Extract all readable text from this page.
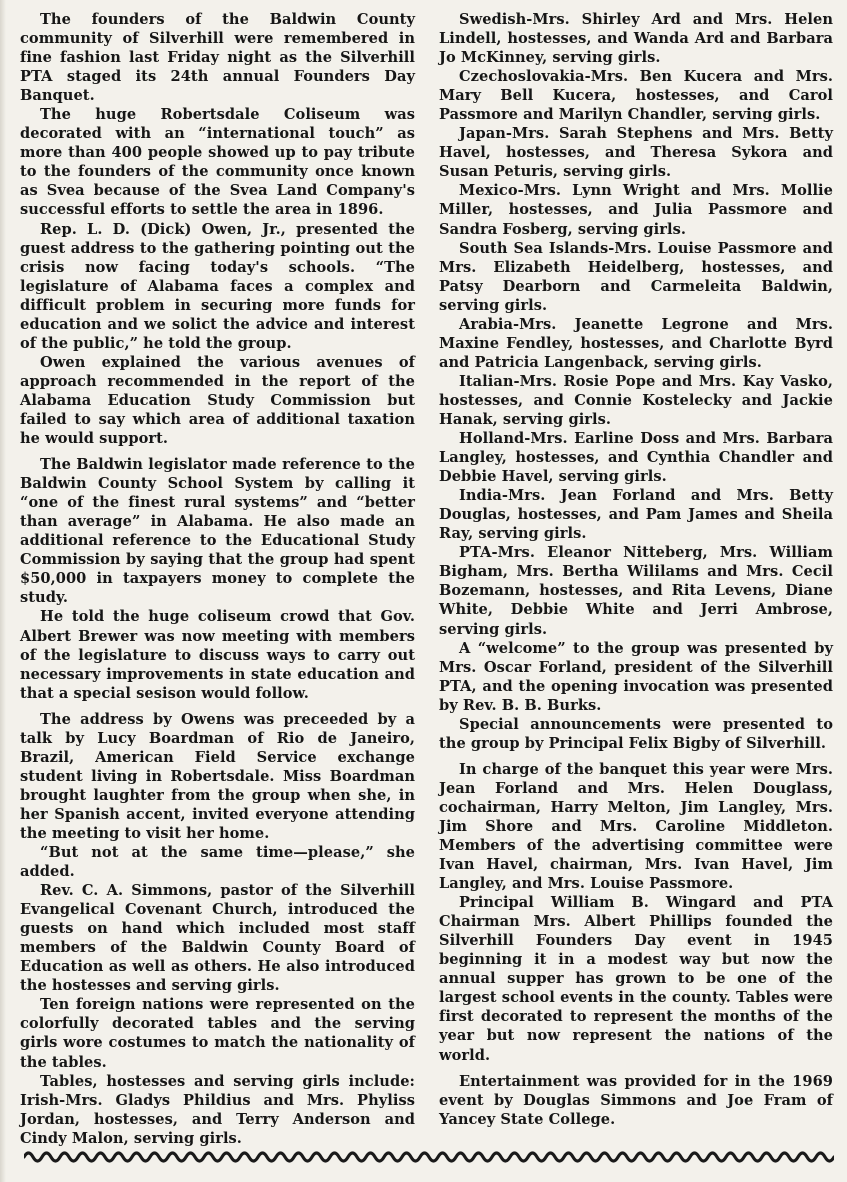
The founders of the Baldwin County community of Silverhill were remembered in fine fashion last Friday night as the Silverhill PTA staged its 24th annual Founders Day Banquet.

The huge Robertsdale Coliseum was decorated with an “international touch” as more than 400 people showed up to pay tribute to the founders of the community once known as Svea because of the Svea Land Company's successful efforts to settle the area in 1896.

Rep. L. D. (Dick) Owen, Jr., presented the guest address to the gathering pointing out the crisis now facing today's schools. “The legislature of Alabama faces a complex and difficult problem in securing more funds for education and we solict the advice and interest of the public,” he told the group.

Owen explained the various avenues of approach recommended in the report of the Alabama Education Study Commission but failed to say which area of additional taxation he would support.

The Baldwin legislator made reference to the Baldwin County School System by calling it “one of the finest rural systems” and “better than average” in Alabama. He also made an additional reference to the Educational Study Commission by saying that the group had spent $50,000 in taxpayers money to complete the study.

He told the huge coliseum crowd that Gov. Albert Brewer was now meeting with members of the legislature to discuss ways to carry out necessary improvements in state education and that a special sesison would follow.

The address by Owens was preceeded by a talk by Lucy Boardman of Rio de Janeiro, Brazil, American Field Service exchange student living in Robertsdale. Miss Boardman brought laughter from the group when she, in her Spanish accent, invited everyone attending the meeting to visit her home.

“But not at the same time—please,” she added.

Rev. C. A. Simmons, pastor of the Silverhill Evangelical Covenant Church, introduced the guests on hand which included most staff members of the Baldwin County Board of Education as well as others. He also introduced the hostesses and serving girls.

Ten foreign nations were represented on the colorfully decorated tables and the serving girls wore costumes to match the nationality of the tables.

Tables, hostesses and serving girls include: Irish-Mrs. Gladys Phildius and Mrs. Phyliss Jordan, hostesses, and Terry Anderson and Cindy Malon, serving girls.

Swedish-Mrs. Shirley Ard and Mrs. Helen Lindell, hostesses, and Wanda Ard and Barbara Jo McKinney, serving girls.

Czechoslovakia-Mrs. Ben Kucera and Mrs. Mary Bell Kucera, hostesses, and Carol Passmore and Marilyn Chandler, serving girls.

Japan-Mrs. Sarah Stephens and Mrs. Betty Havel, hostesses, and Theresa Sykora and Susan Peturis, serving girls.

Mexico-Mrs. Lynn Wright and Mrs. Mollie Miller, hostesses, and Julia Passmore and Sandra Fosberg, serving girls.

South Sea Islands-Mrs. Louise Passmore and Mrs. Elizabeth Heidelberg, hostesses, and Patsy Dearborn and Carmeleita Baldwin, serving girls.

Arabia-Mrs. Jeanette Legrone and Mrs. Maxine Fendley, hostesses, and Charlotte Byrd and Patricia Langenback, serving girls.

Italian-Mrs. Rosie Pope and Mrs. Kay Vasko, hostesses, and Connie Kostelecky and Jackie Hanak, serving girls.

Holland-Mrs. Earline Doss and Mrs. Barbara Langley, hostesses, and Cynthia Chandler and Debbie Havel, serving girls.

India-Mrs. Jean Forland and Mrs. Betty Douglas, hostesses, and Pam James and Sheila Ray, serving girls.

PTA-Mrs. Eleanor Nitteberg, Mrs. William Bigham, Mrs. Bertha Wililams and Mrs. Cecil Bozemann, hostesses, and Rita Levens, Diane White, Debbie White and Jerri Ambrose, serving girls.

A “welcome” to the group was presented by Mrs. Oscar Forland, president of the Silverhill PTA, and the opening invocation was presented by Rev. B. B. Burks.

Special announcements were presented to the group by Principal Felix Bigby of Silverhill.

In charge of the banquet this year were Mrs. Jean Forland and Mrs. Helen Douglass, cochairman, Harry Melton, Jim Langley, Mrs. Jim Shore and Mrs. Caroline Middleton. Members of the advertising committee were Ivan Havel, chairman, Mrs. Ivan Havel, Jim Langley, and Mrs. Louise Passmore.

Principal William B. Wingard and PTA Chairman Mrs. Albert Phillips founded the Silverhill Founders Day event in 1945 beginning it in a modest way but now the annual supper has grown to be one of the largest school events in the county. Tables were first decorated to represent the months of the year but now represent the nations of the world.

Entertainment was provided for in the 1969 event by Douglas Simmons and Joe Fram of Yancey State College.
